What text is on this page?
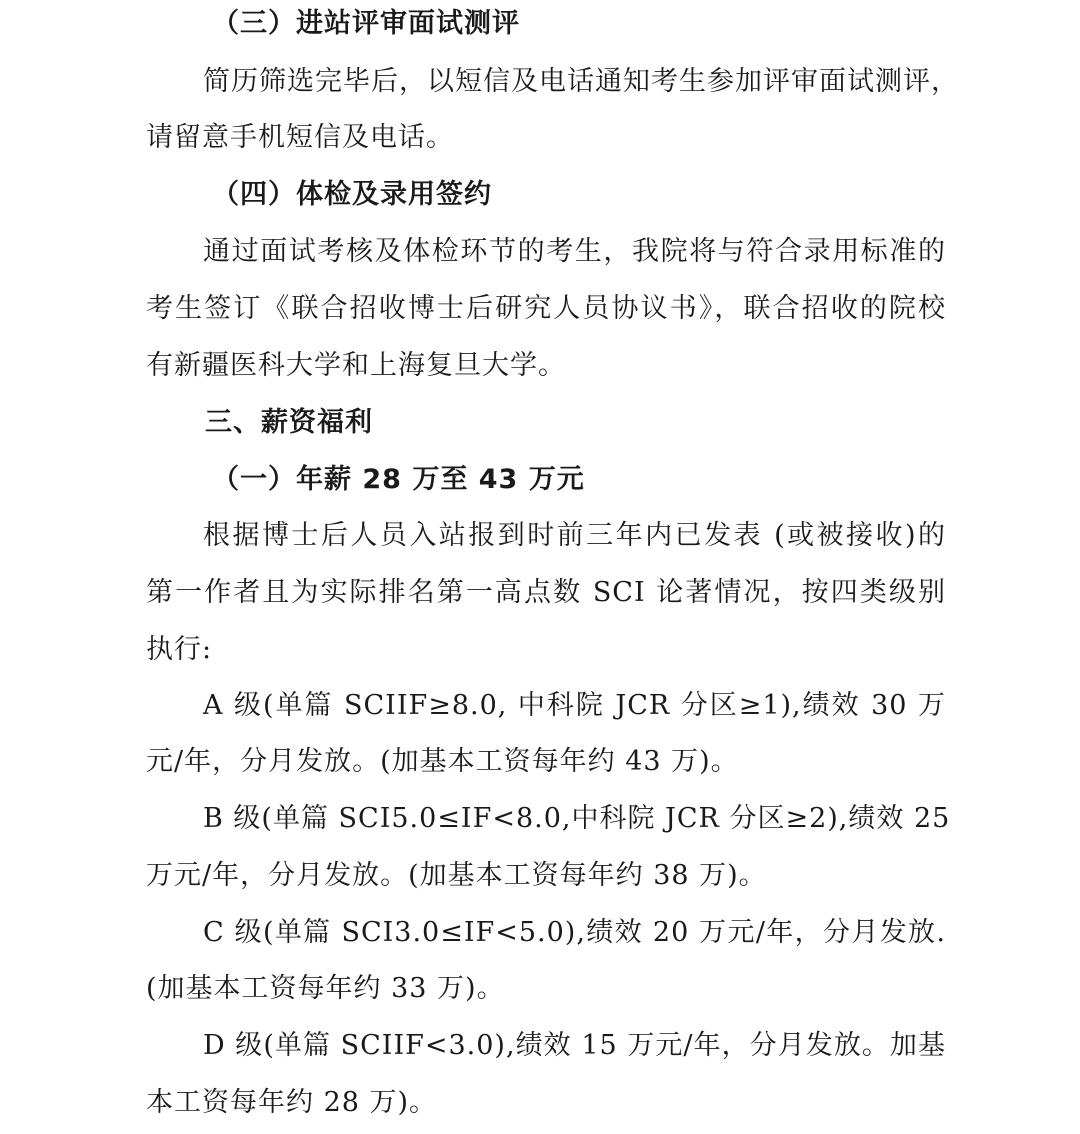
（三）进站评审面试测评
简历筛选完毕后，以短信及电话通知考生参加评审面试测评，
请留意手机短信及电话。
（四）体检及录用签约
通过面试考核及体检环节的考生，我院将与符合录用标准的
考生签订《联合招收博士后研究人员协议书》，联合招收的院校
有新疆医科大学和上海复旦大学。
三、薪资福利
（一）年薪 28 万至 43 万元
根据博士后人员入站报到时前三年内已发表 (或被接收)的
第一作者且为实际排名第一高点数 SCI 论著情况，按四类级别
执行:
A 级(单篇 SCIIF≥8.0, 中科院 JCR 分区≥1),绩效 30 万
元/年，分月发放。(加基本工资每年约 43 万)。
B 级(单篇 SCI5.0≤IF<8.0,中科院 JCR 分区≥2),绩效 25
万元/年，分月发放。(加基本工资每年约 38 万)。
C 级(单篇 SCI3.0≤IF<5.0),绩效 20 万元/年，分月发放.
(加基本工资每年约 33 万)。
D 级(单篇 SCIIF<3.0),绩效 15 万元/年，分月发放。加基
本工资每年约 28 万)。
